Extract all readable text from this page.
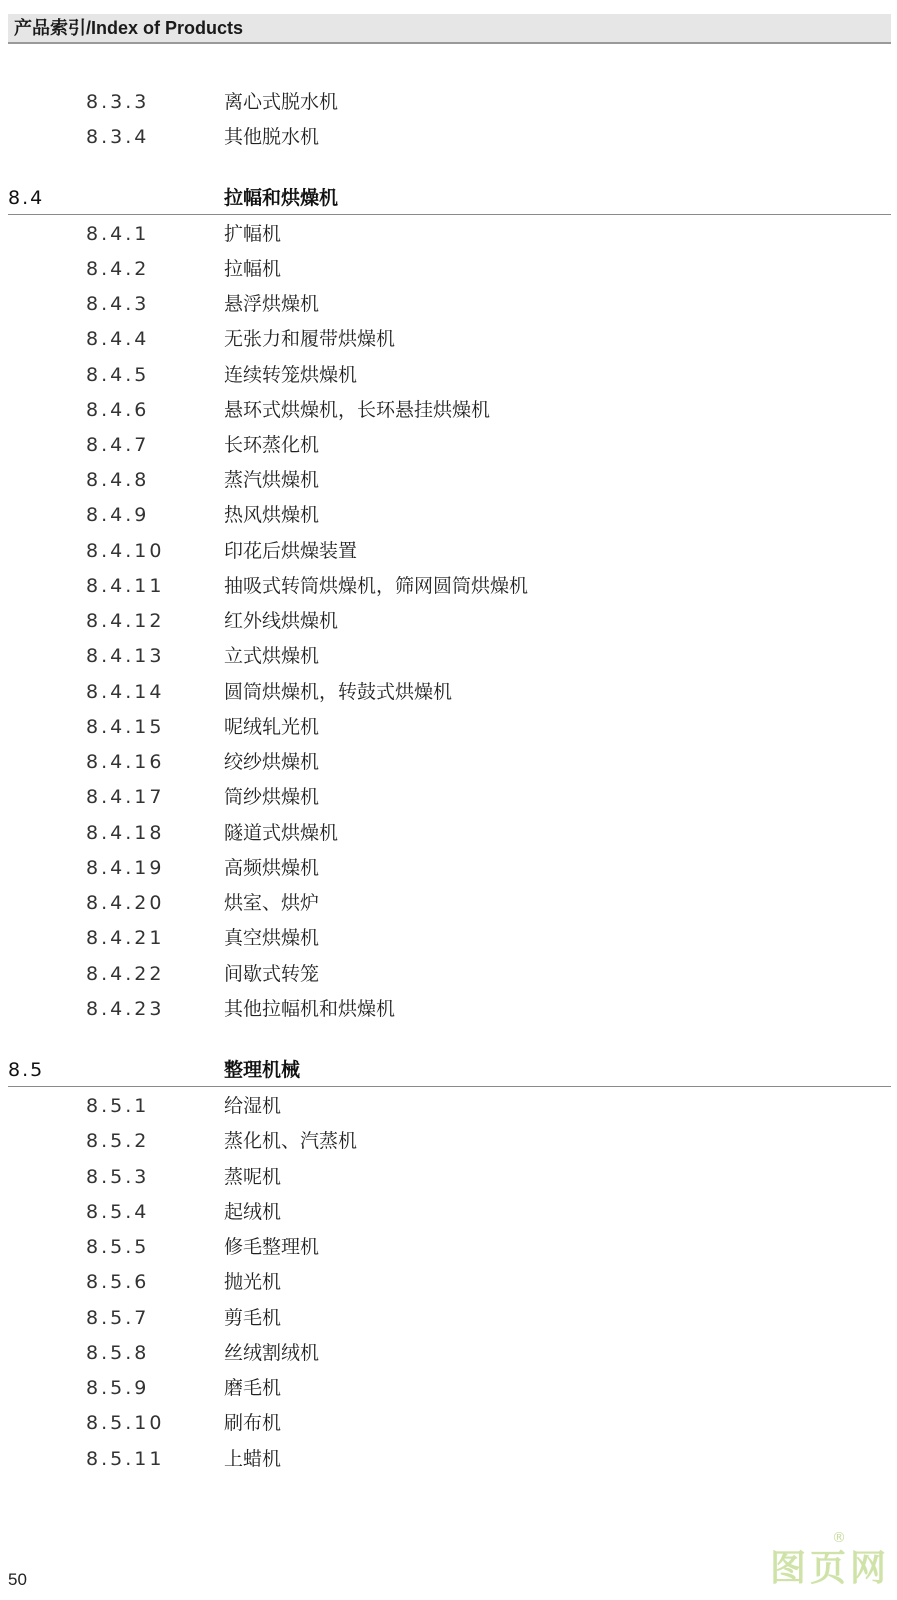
产品索引/Index of Products
8.3.3	离心式脱水机
8.3.4	其他脱水机
8.4	拉幅和烘燥机
8.4.1	扩幅机
8.4.2	拉幅机
8.4.3	悬浮烘燥机
8.4.4	无张力和履带烘燥机
8.4.5	连续转笼烘燥机
8.4.6	悬环式烘燥机，长环悬挂烘燥机
8.4.7	长环蒸化机
8.4.8	蒸汽烘燥机
8.4.9	热风烘燥机
8.4.10	印花后烘燥装置
8.4.11	抽吸式转筒烘燥机，筛网圆筒烘燥机
8.4.12	红外线烘燥机
8.4.13	立式烘燥机
8.4.14	圆筒烘燥机，转鼓式烘燥机
8.4.15	呢绒轧光机
8.4.16	绞纱烘燥机
8.4.17	筒纱烘燥机
8.4.18	隧道式烘燥机
8.4.19	高频烘燥机
8.4.20	烘室、烘炉
8.4.21	真空烘燥机
8.4.22	间歇式转笼
8.4.23	其他拉幅机和烘燥机
8.5	整理机械
8.5.1	给湿机
8.5.2	蒸化机、汽蒸机
8.5.3	蒸呢机
8.5.4	起绒机
8.5.5	修毛整理机
8.5.6	抛光机
8.5.7	剪毛机
8.5.8	丝绒割绒机
8.5.9	磨毛机
8.5.10	刷布机
8.5.11	上蜡机
50
®
图页网
